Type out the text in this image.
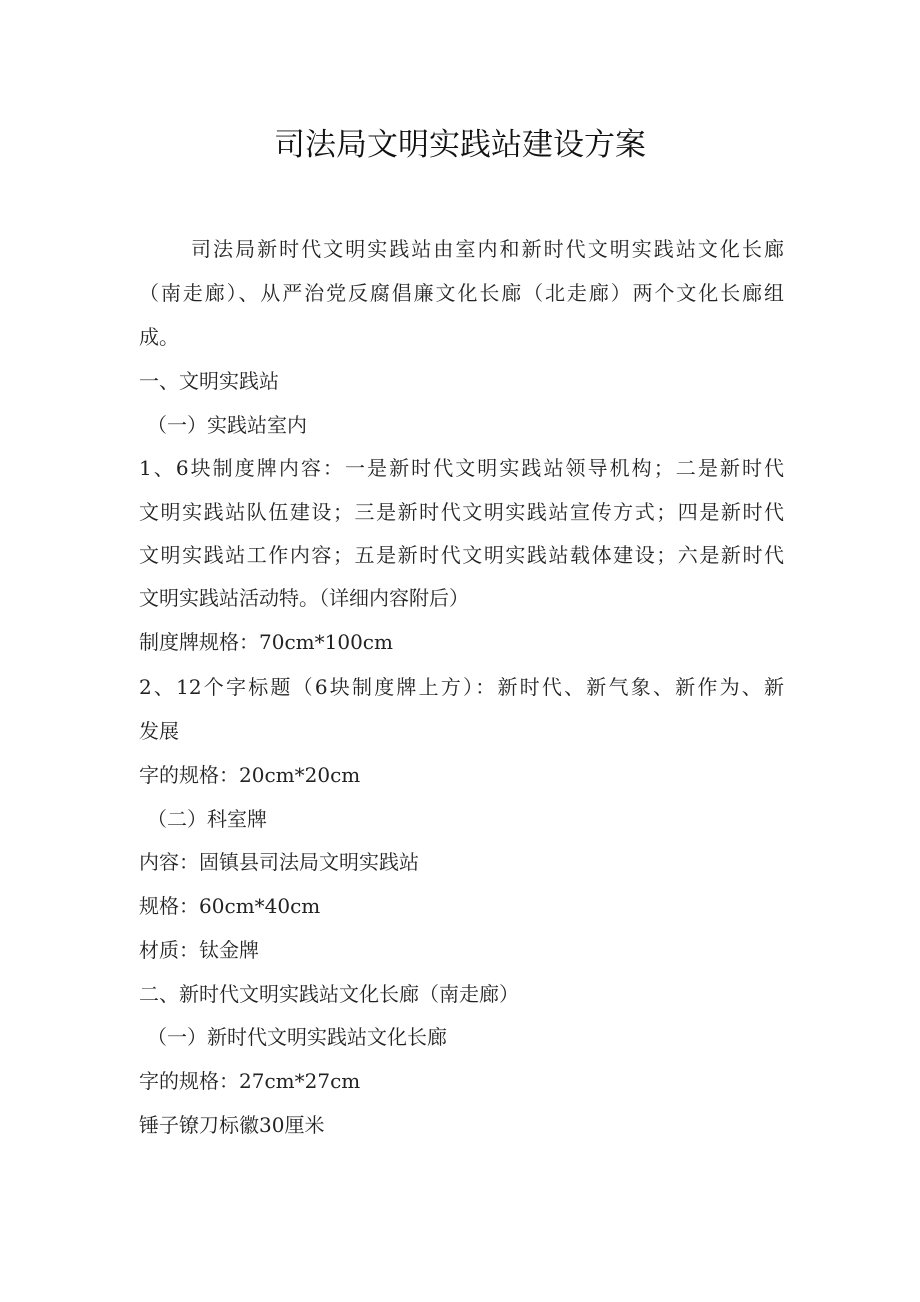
司法局文明实践站建设方案
司法局新时代文明实践站由室内和新时代文明实践站文化长廊
（南走廊）、从严治党反腐倡廉文化长廊（北走廊）两个文化长廊组
成。
一、文明实践站
（一）实践站室内
1、6块制度牌内容：一是新时代文明实践站领导机构；二是新时代
文明实践站队伍建设；三是新时代文明实践站宣传方式；四是新时代
文明实践站工作内容；五是新时代文明实践站载体建设；六是新时代
文明实践站活动特。（详细内容附后）
制度牌规格：70cm*100cm
2、12个字标题（6块制度牌上方）：新时代、新气象、新作为、新
发展
字的规格：20cm*20cm
（二）科室牌
内容：固镇县司法局文明实践站
规格：60cm*40cm
材质：钛金牌
二、新时代文明实践站文化长廊（南走廊）
（一）新时代文明实践站文化长廊
字的规格：27cm*27cm
锤子镣刀标徽30厘米
